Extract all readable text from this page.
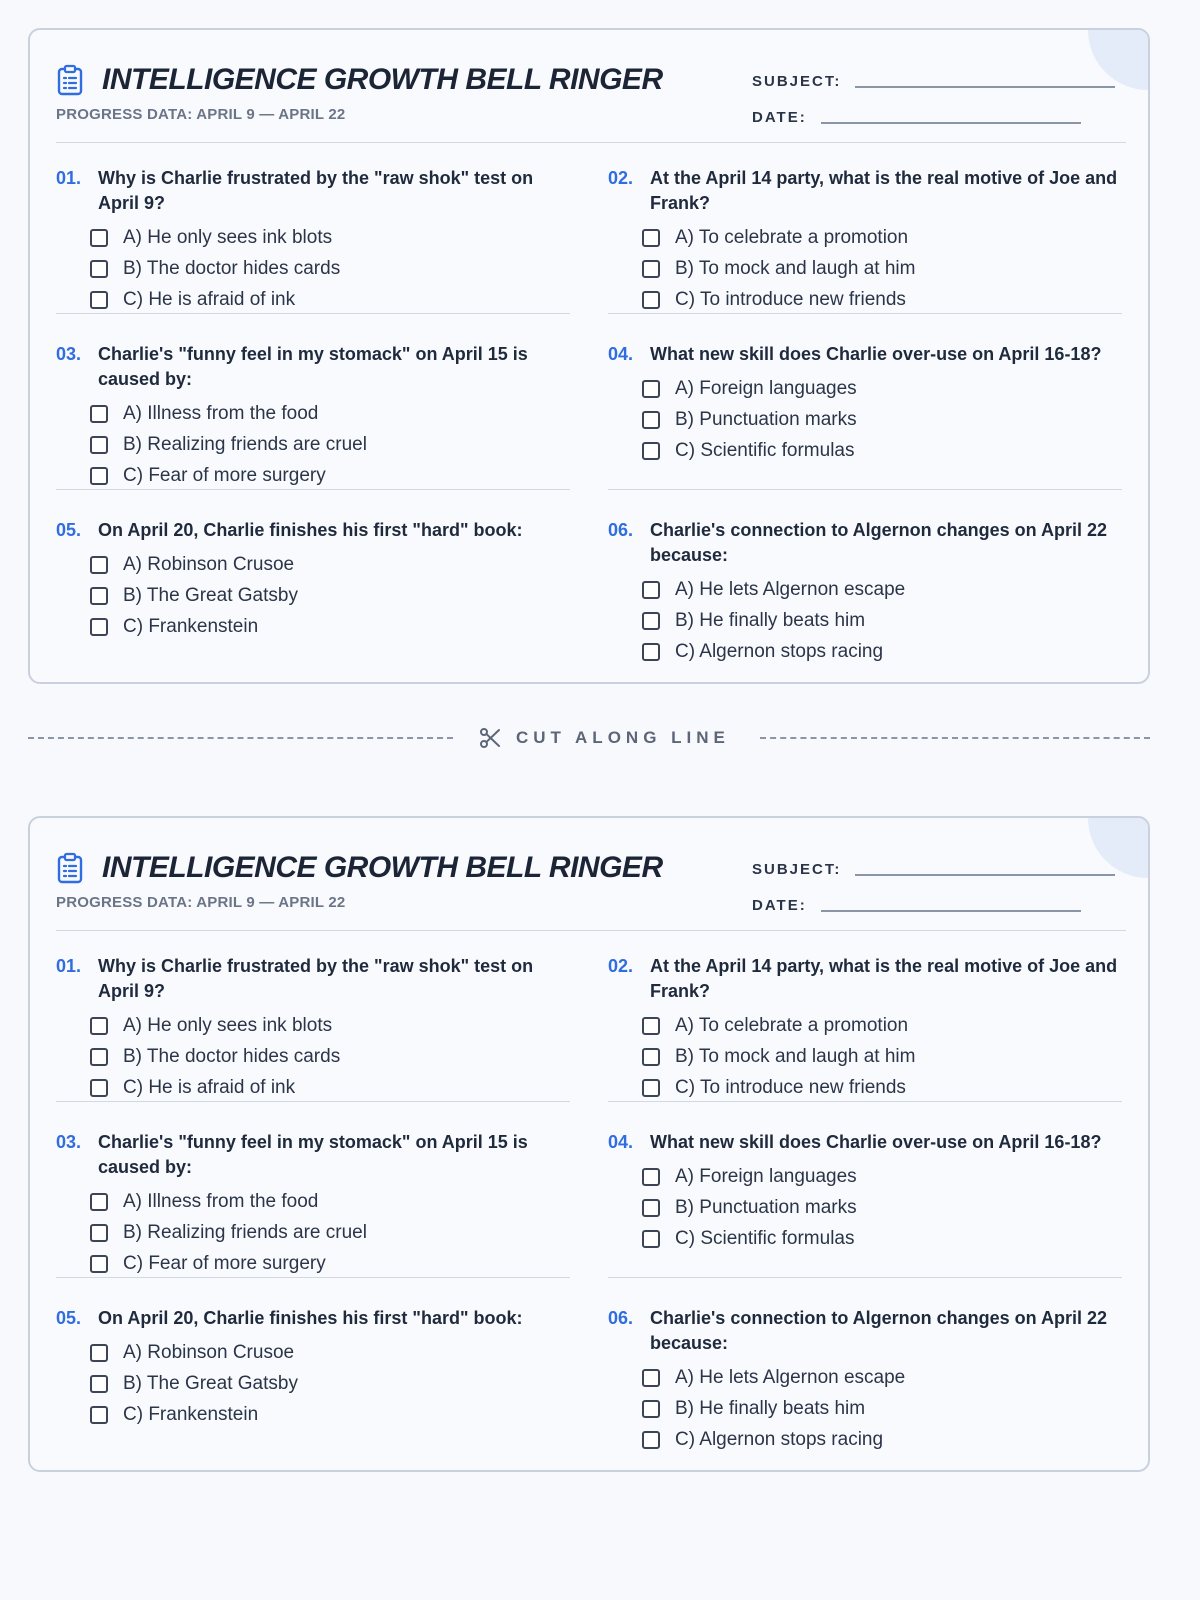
INTELLIGENCE GROWTH BELL RINGER
PROGRESS DATA: APRIL 9 — APRIL 22
SUBJECT:
DATE:
01. Why is Charlie frustrated by the "raw shok" test on April 9?
A) He only sees ink blots
B) The doctor hides cards
C) He is afraid of ink
02. At the April 14 party, what is the real motive of Joe and Frank?
A) To celebrate a promotion
B) To mock and laugh at him
C) To introduce new friends
03. Charlie's "funny feel in my stomack" on April 15 is caused by:
A) Illness from the food
B) Realizing friends are cruel
C) Fear of more surgery
04. What new skill does Charlie over-use on April 16-18?
A) Foreign languages
B) Punctuation marks
C) Scientific formulas
05. On April 20, Charlie finishes his first "hard" book:
A) Robinson Crusoe
B) The Great Gatsby
C) Frankenstein
06. Charlie's connection to Algernon changes on April 22 because:
A) He lets Algernon escape
B) He finally beats him
C) Algernon stops racing
CUT ALONG LINE
INTELLIGENCE GROWTH BELL RINGER
PROGRESS DATA: APRIL 9 — APRIL 22
SUBJECT:
DATE:
01. Why is Charlie frustrated by the "raw shok" test on April 9?
A) He only sees ink blots
B) The doctor hides cards
C) He is afraid of ink
02. At the April 14 party, what is the real motive of Joe and Frank?
A) To celebrate a promotion
B) To mock and laugh at him
C) To introduce new friends
03. Charlie's "funny feel in my stomack" on April 15 is caused by:
A) Illness from the food
B) Realizing friends are cruel
C) Fear of more surgery
04. What new skill does Charlie over-use on April 16-18?
A) Foreign languages
B) Punctuation marks
C) Scientific formulas
05. On April 20, Charlie finishes his first "hard" book:
A) Robinson Crusoe
B) The Great Gatsby
C) Frankenstein
06. Charlie's connection to Algernon changes on April 22 because:
A) He lets Algernon escape
B) He finally beats him
C) Algernon stops racing
